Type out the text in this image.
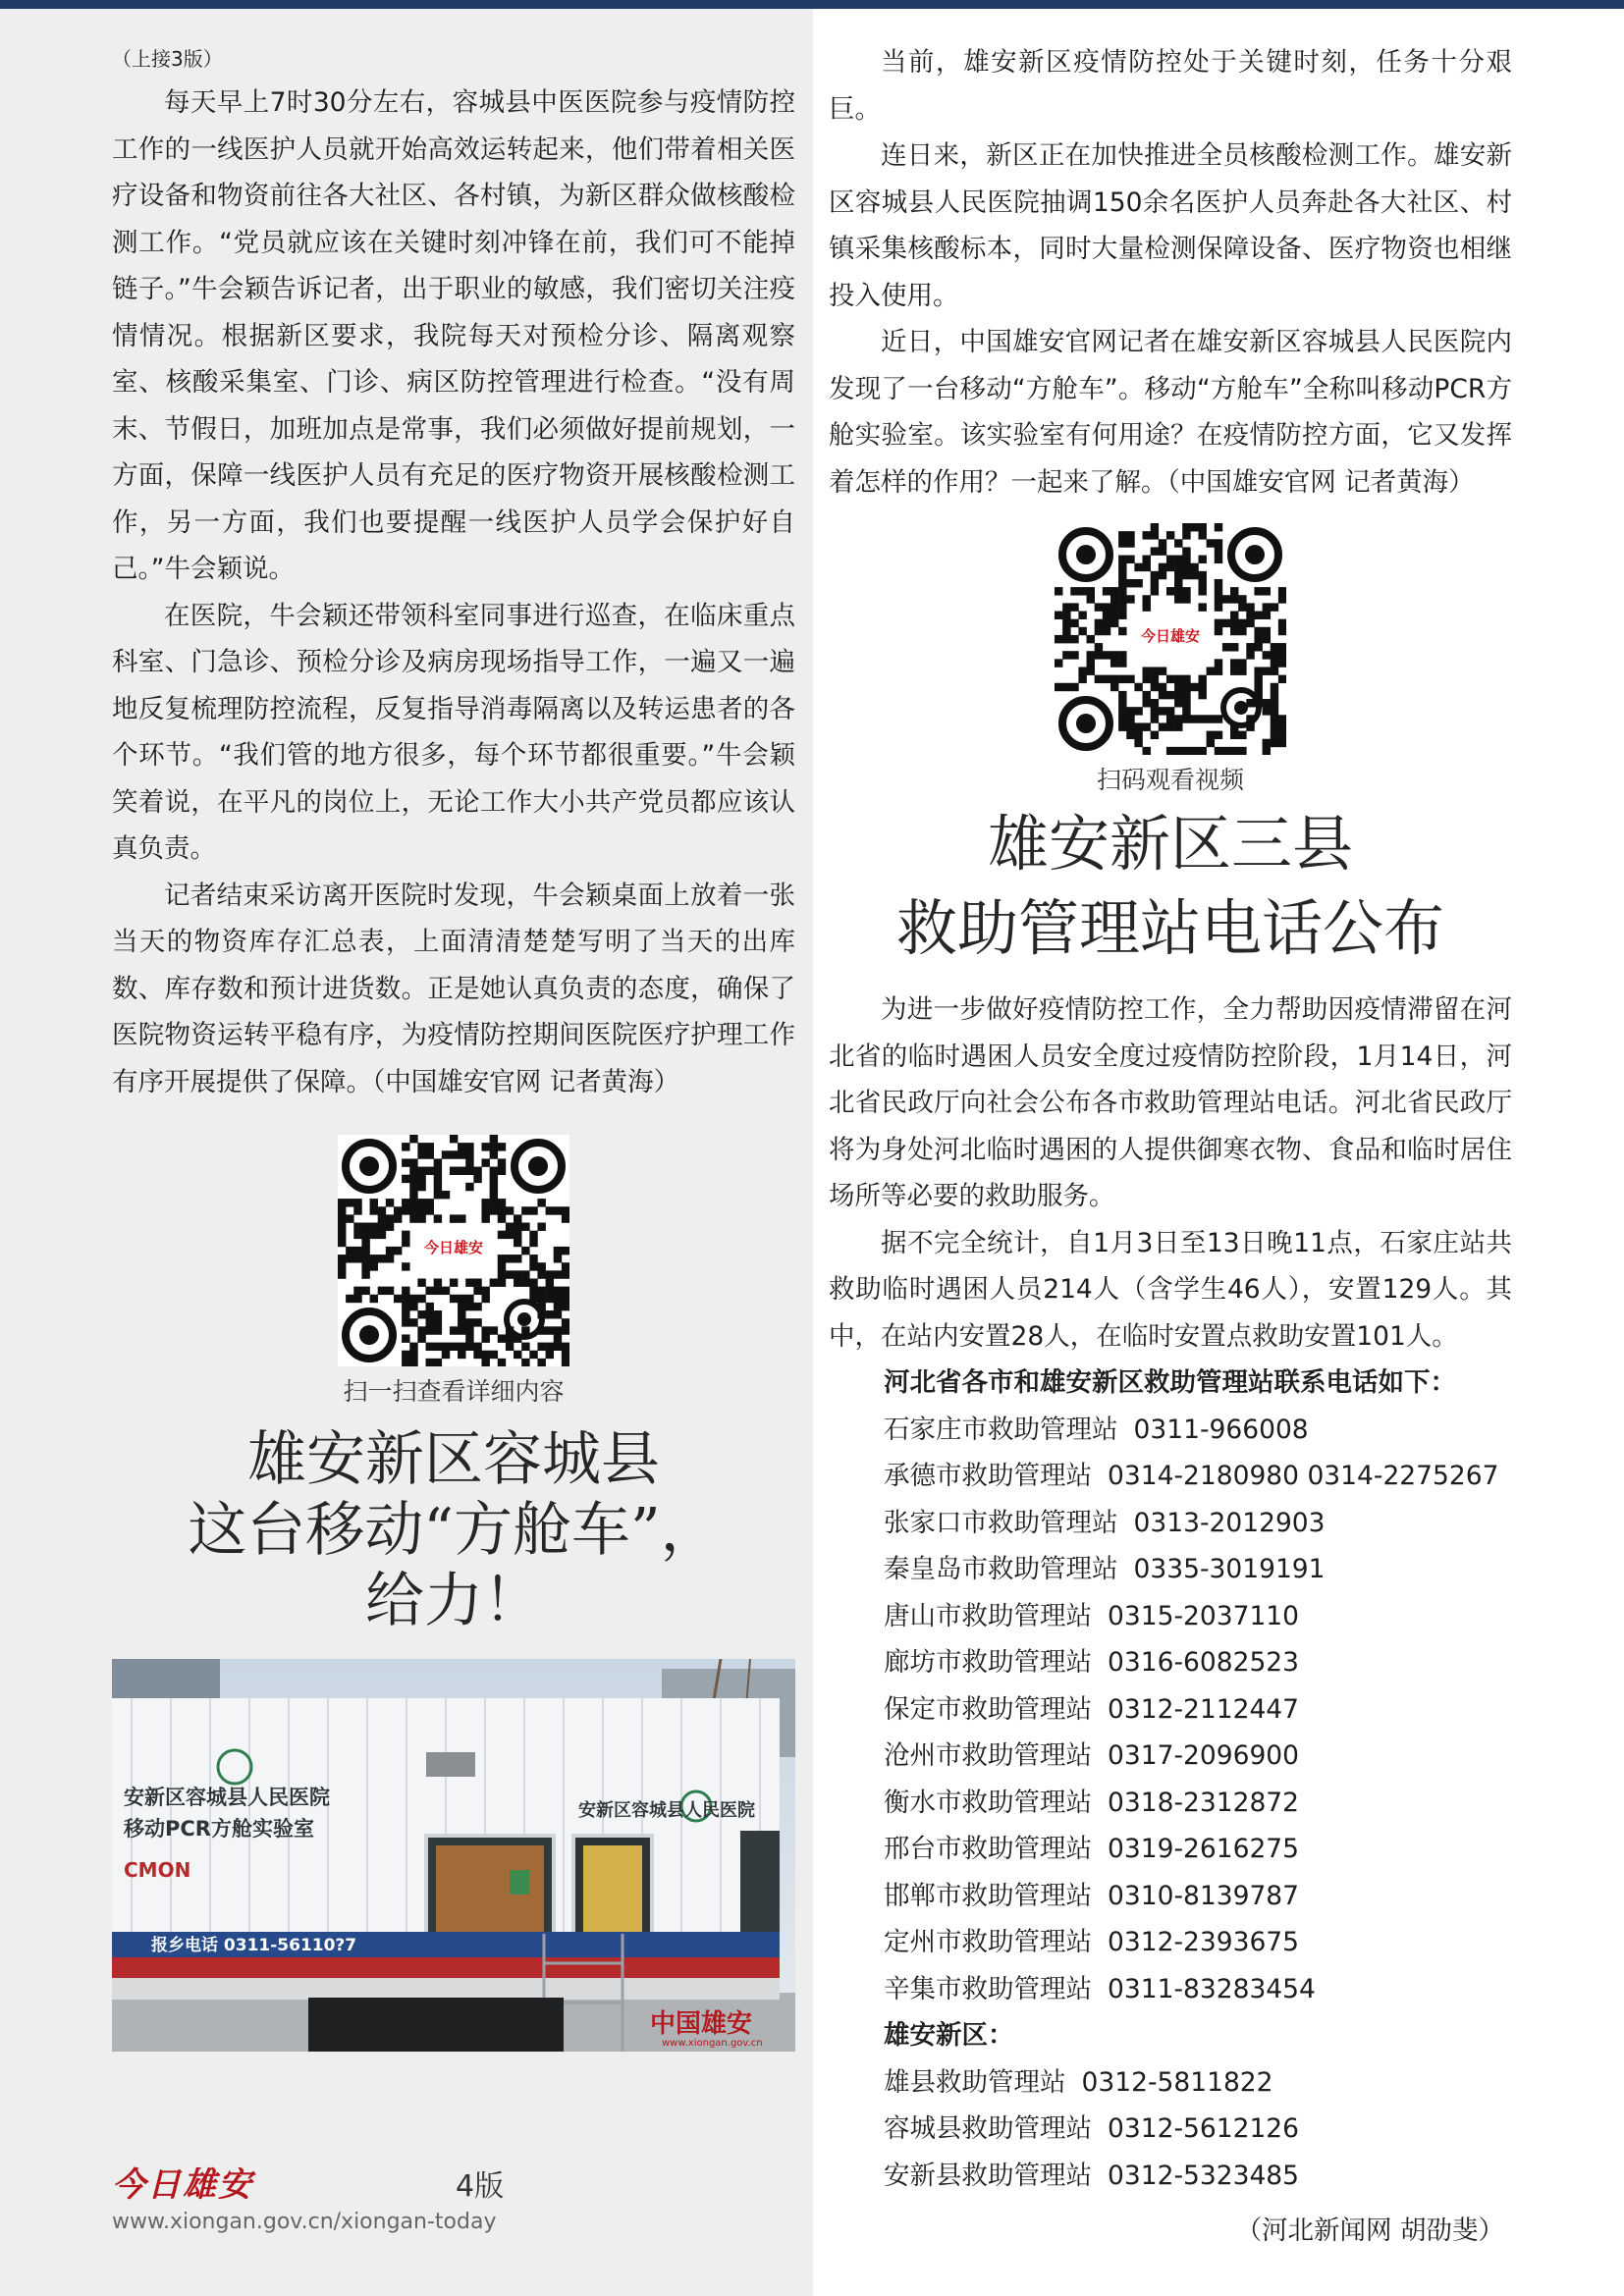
（上接3版）

每天早上7时30分左右，容城县中医医院参与疫情防控工作的一线医护人员就开始高效运转起来，他们带着相关医疗设备和物资前往各大社区、各村镇，为新区群众做核酸检测工作。“党员就应该在关键时刻冲锋在前，我们可不能掉链子。”牛会颖告诉记者，出于职业的敏感，我们密切关注疫情情况。根据新区要求，我院每天对预检分诊、隔离观察室、核酸采集室、门诊、病区防控管理进行检查。“没有周末、节假日，加班加点是常事，我们必须做好提前规划，一方面，保障一线医护人员有充足的医疗物资开展核酸检测工作，另一方面，我们也要提醒一线医护人员学会保护好自己。”牛会颖说。

在医院，牛会颖还带领科室同事进行巡查，在临床重点科室、门急诊、预检分诊及病房现场指导工作，一遍又一遍地反复梳理防控流程，反复指导消毒隔离以及转运患者的各个环节。“我们管的地方很多，每个环节都很重要。”牛会颖笑着说，在平凡的岗位上，无论工作大小共产党员都应该认真负责。

记者结束采访离开医院时发现，牛会颖桌面上放着一张当天的物资库存汇总表，上面清清楚楚写明了当天的出库数、库存数和预计进货数。正是她认真负责的态度，确保了医院物资运转平稳有序，为疫情防控期间医院医疗护理工作有序开展提供了保障。（中国雄安官网 记者黄海）

今日雄安
扫一扫查看详细内容
雄安新区容城县
这台移动“方舱车”，
给力！
安新区容城县人民医院
移动PCR方舱实验室
CMON
报乡电话 0311-56110?7
安新区容城县人民医院
中国雄安
www.xiongan.gov.cn

当前，雄安新区疫情防控处于关键时刻，任务十分艰巨。

连日来，新区正在加快推进全员核酸检测工作。雄安新区容城县人民医院抽调150余名医护人员奔赴各大社区、村镇采集核酸标本，同时大量检测保障设备、医疗物资也相继投入使用。

近日，中国雄安官网记者在雄安新区容城县人民医院内发现了一台移动“方舱车”。移动“方舱车”全称叫移动PCR方舱实验室。该实验室有何用途？在疫情防控方面，它又发挥着怎样的作用？一起来了解。（中国雄安官网 记者黄海）

今日雄安
扫码观看视频
雄安新区三县
救助管理站电话公布

为进一步做好疫情防控工作，全力帮助因疫情滞留在河北省的临时遇困人员安全度过疫情防控阶段，1月14日，河北省民政厅向社会公布各市救助管理站电话。河北省民政厅将为身处河北临时遇困的人提供御寒衣物、食品和临时居住场所等必要的救助服务。

据不完全统计，自1月3日至13日晚11点，石家庄站共救助临时遇困人员214人（含学生46人），安置129人。其中，在站内安置28人，在临时安置点救助安置101人。

河北省各市和雄安新区救助管理站联系电话如下：

石家庄市救助管理站 0311-966008
承德市救助管理站 0314-2180980 0314-2275267
张家口市救助管理站 0313-2012903
秦皇岛市救助管理站 0335-3019191
唐山市救助管理站 0315-2037110
廊坊市救助管理站 0316-6082523
保定市救助管理站 0312-2112447
沧州市救助管理站 0317-2096900
衡水市救助管理站 0318-2312872
邢台市救助管理站 0319-2616275
邯郸市救助管理站 0310-8139787
定州市救助管理站 0312-2393675
辛集市救助管理站 0311-83283454

雄安新区：

雄县救助管理站 0312-5811822
容城县救助管理站 0312-5612126
安新县救助管理站 0312-5323485
（河北新闻网 胡劭斐）
今日雄安	4版
www.xiongan.gov.cn/xiongan-today
